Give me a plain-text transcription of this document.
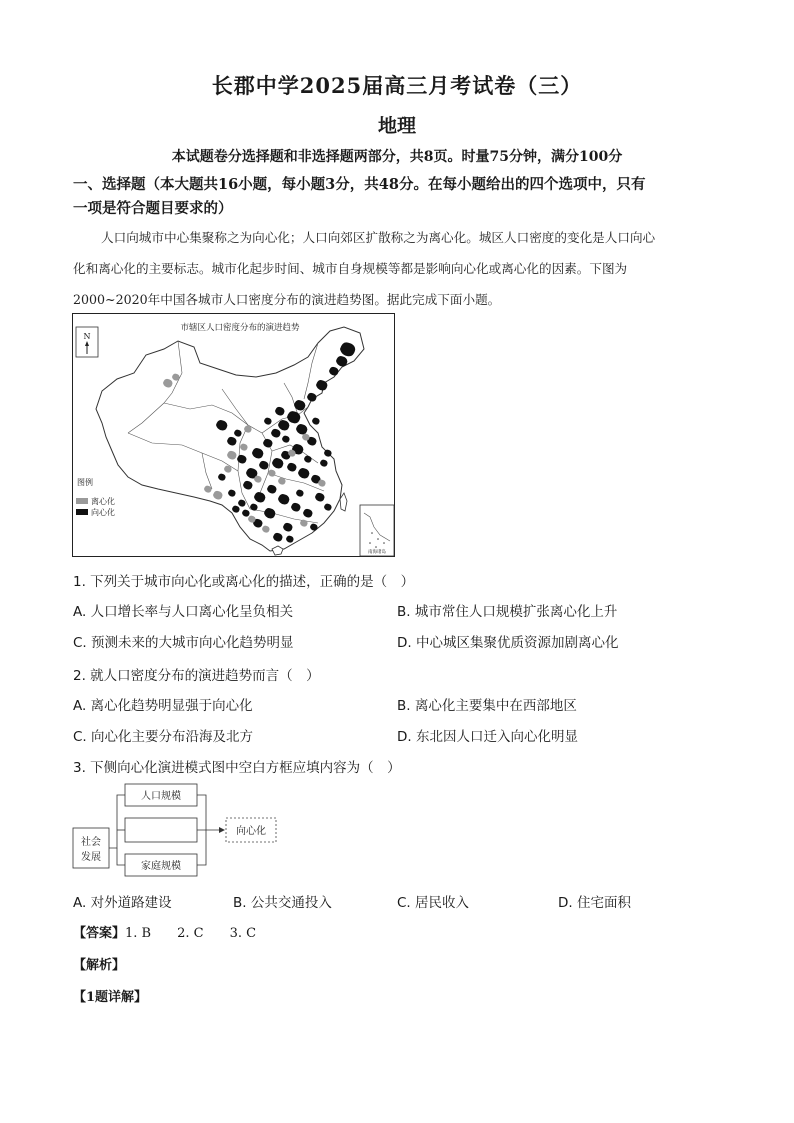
长郡中学2025届高三月考试卷（三）
地理
本试题卷分选择题和非选择题两部分，共8页。时量75分钟，满分100分
一、选择题（本大题共16小题，每小题3分，共48分。在每小题给出的四个选项中，只有
一项是符合题目要求的）
人口向城市中心集聚称之为向心化；人口向郊区扩散称之为离心化。城区人口密度的变化是人口向心
化和离心化的主要标志。城市化起步时间、城市自身规模等都是影响向心化或离心化的因素。下图为
2000~2020年中国各城市人口密度分布的演进趋势图。据此完成下面小题。
市辖区人口密度分布的演进趋势
N
图例
离心化
向心化
南海诸岛
1. 下列关于城市向心化或离心化的描述，正确的是（　）
A. 人口增长率与人口离心化呈负相关	B. 城市常住人口规模扩张离心化上升
C. 预测未来的大城市向心化趋势明显	D. 中心城区集聚优质资源加剧离心化
2. 就人口密度分布的演进趋势而言（　）
A. 离心化趋势明显强于向心化	B. 离心化主要集中在西部地区
C. 向心化主要分布沿海及北方	D. 东北因人口迁入向心化明显
3. 下侧向心化演进模式图中空白方框应填内容为（　）
社会
发展
人口规模
家庭规模
向心化
A. 对外道路建设	B. 公共交通投入	C. 居民收入	D. 住宅面积
【答案】1. B 2. C 3. C
【解析】
【1题详解】
